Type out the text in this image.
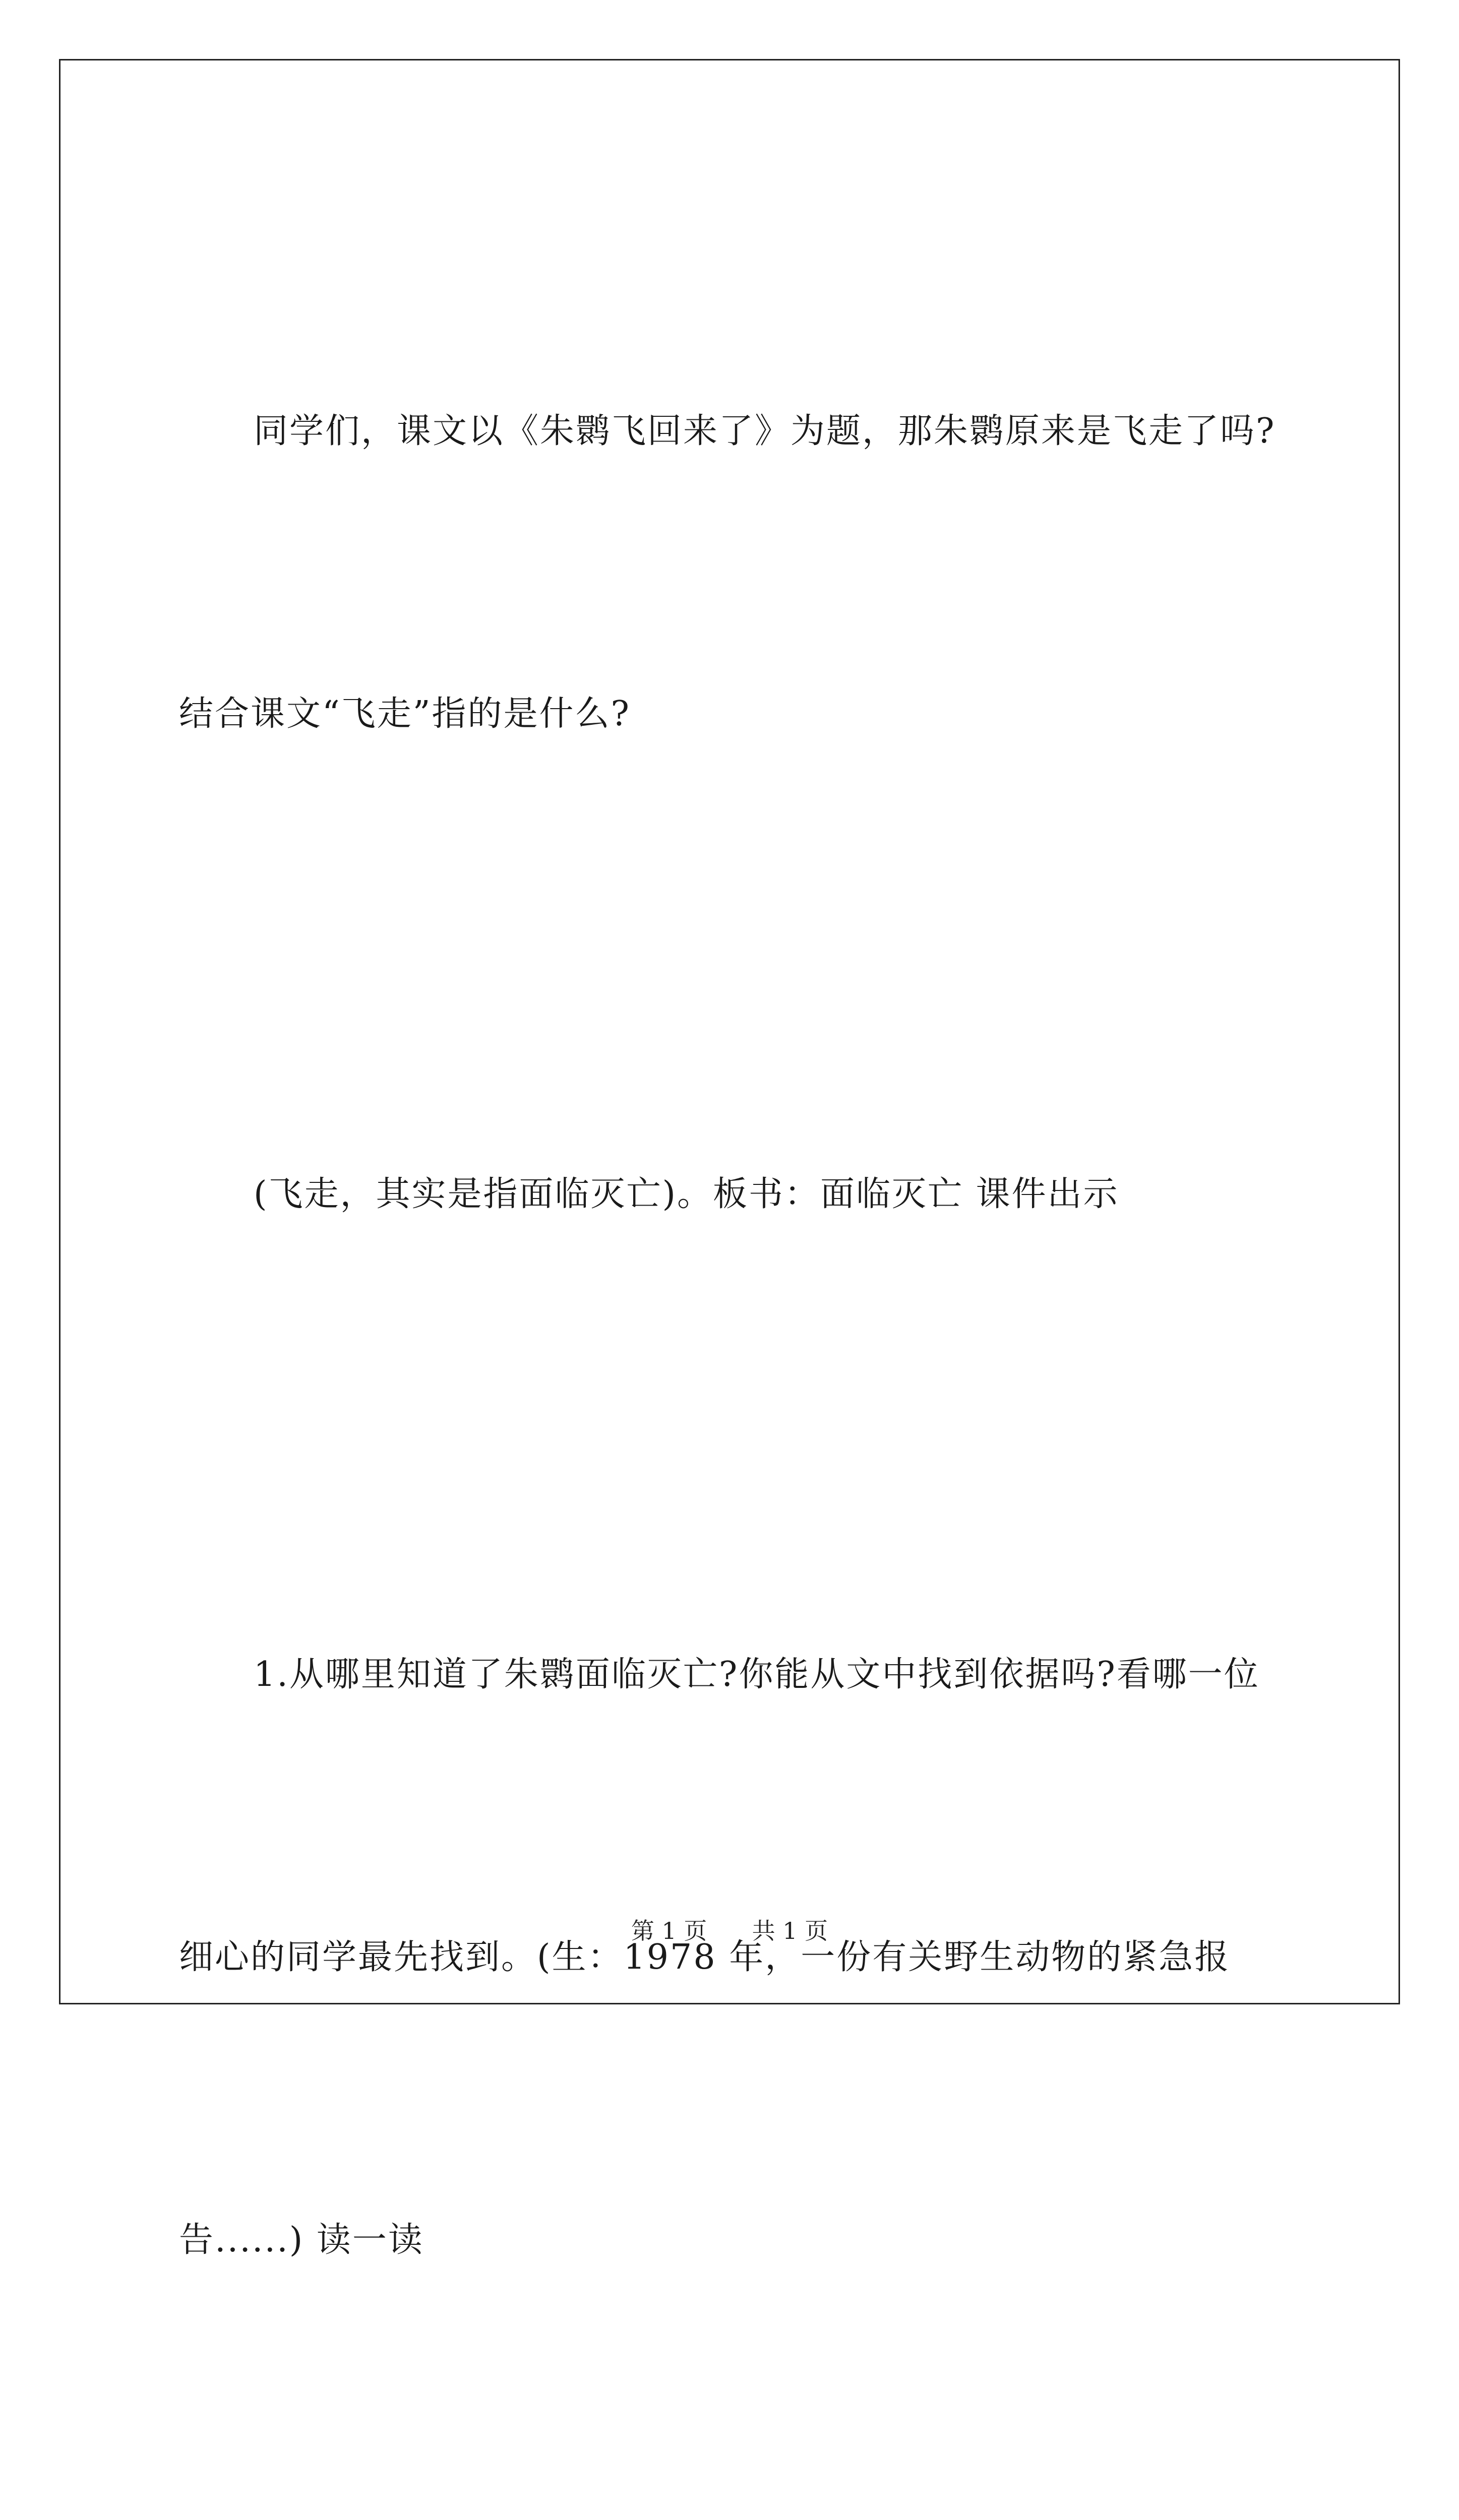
同学们，课文以《朱鹮飞回来了》为题，那朱鹮原来是飞走了吗?

结合课文“飞走”指的是什么?

(飞走，其实是指面临灭亡)。板书：面临灭亡 课件出示

1.从哪里知道了朱鹮面临灭亡?你能从文中找到依据吗?看哪一位

细心的同学最先找到。(生：1978 年，一份有关野生动物的紧急报

告......) 读一读

第 1 页 共 1 页
